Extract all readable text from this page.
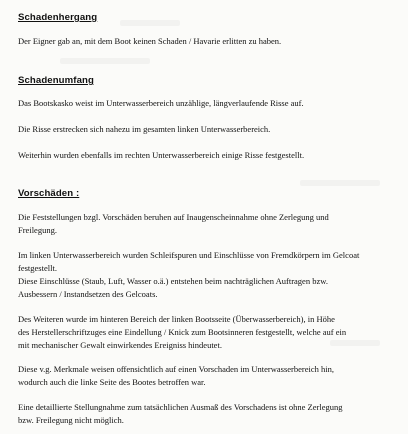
Schadenhergang
Der Eigner gab an, mit dem Boot keinen Schaden / Havarie erlitten zu haben.
Schadenumfang
Das Bootskasko weist im Unterwasserbereich unzählige, längverlaufende Risse auf.
Die Risse erstrecken sich nahezu im gesamten linken Unterwasserbereich.
Weiterhin wurden ebenfalls im rechten Unterwasserbereich einige Risse festgestellt.
Vorschäden :
Die Feststellungen bzgl. Vorschäden beruhen auf Inaugenscheinnahme ohne Zerlegung und
Freilegung.
Im linken Unterwasserbereich wurden Schleifspuren und Einschlüsse von Fremdkörpern im Gelcoat
festgestellt.
Diese Einschlüsse (Staub, Luft, Wasser o.ä.) entstehen beim nachträglichen Auftragen bzw.
Ausbessern / Instandsetzen des Gelcoats.
Des Weiteren wurde im hinteren Bereich der linken Bootsseite (Überwasserbereich), in Höhe
des Herstellerschriftzuges eine Eindellung / Knick zum Bootsinneren festgestellt, welche auf ein
mit mechanischer Gewalt einwirkendes Ereigniss hindeutet.
Diese v.g. Merkmale weisen offensichtlich auf einen Vorschaden im Unterwasserbereich hin,
wodurch auch die linke Seite des Bootes betroffen war.
Eine detaillierte Stellungnahme zum tatsächlichen Ausmaß des Vorschadens ist ohne Zerlegung
bzw. Freilegung nicht möglich.
